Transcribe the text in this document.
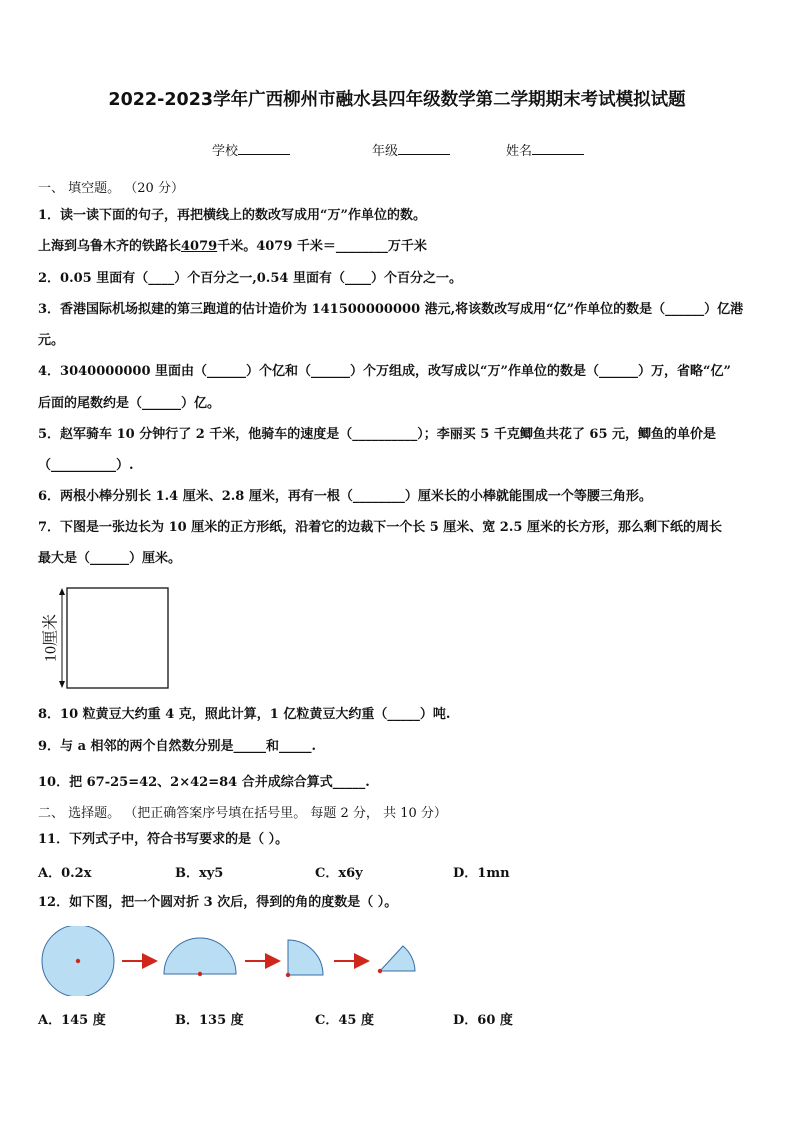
2022-2023学年广西柳州市融水县四年级数学第二学期期末考试模拟试题
学校	年级	姓名
一、 填空题。 （20 分）
1．读一读下面的句子，再把横线上的数改写成用“万”作单位的数。
上海到乌鲁木齐的铁路长4079千米。4079 千米＝________万千米
2．0.05 里面有（____）个百分之一,0.54 里面有（____）个百分之一。
3．香港国际机场拟建的第三跑道的估计造价为 141500000000 港元,将该数改写成用“亿”作单位的数是（______）亿港
元。
4．3040000000 里面由（______）个亿和（______）个万组成，改写成以“万”作单位的数是（______）万，省略“亿”
后面的尾数约是（______）亿。
5．赵军骑车 10 分钟行了 2 千米，他骑车的速度是（__________）；李丽买 5 千克鲫鱼共花了 65 元，鲫鱼的单价是
（__________）.
6．两根小棒分别长 1.4 厘米、2.8 厘米，再有一根（________）厘米长的小棒就能围成一个等腰三角形。
7．下图是一张边长为 10 厘米的正方形纸，沿着它的边裁下一个长 5 厘米、宽 2.5 厘米的长方形，那么剩下纸的周长
最大是（______）厘米。
10厘米
8．10 粒黄豆大约重 4 克，照此计算，1 亿粒黄豆大约重（_____）吨.
9．与 a 相邻的两个自然数分别是_____和_____.
10．把 67-25=42、2×42=84 合并成综合算式_____.
二、 选择题。 （把正确答案序号填在括号里。 每题 2 分， 共 10 分）
11．下列式子中，符合书写要求的是（ ）。
A．0.2x	B．xy5	C．x6y	D．1mn
12．如下图，把一个圆对折 3 次后，得到的角的度数是（ ）。
A．145 度	B．135 度	C．45 度	D．60 度
